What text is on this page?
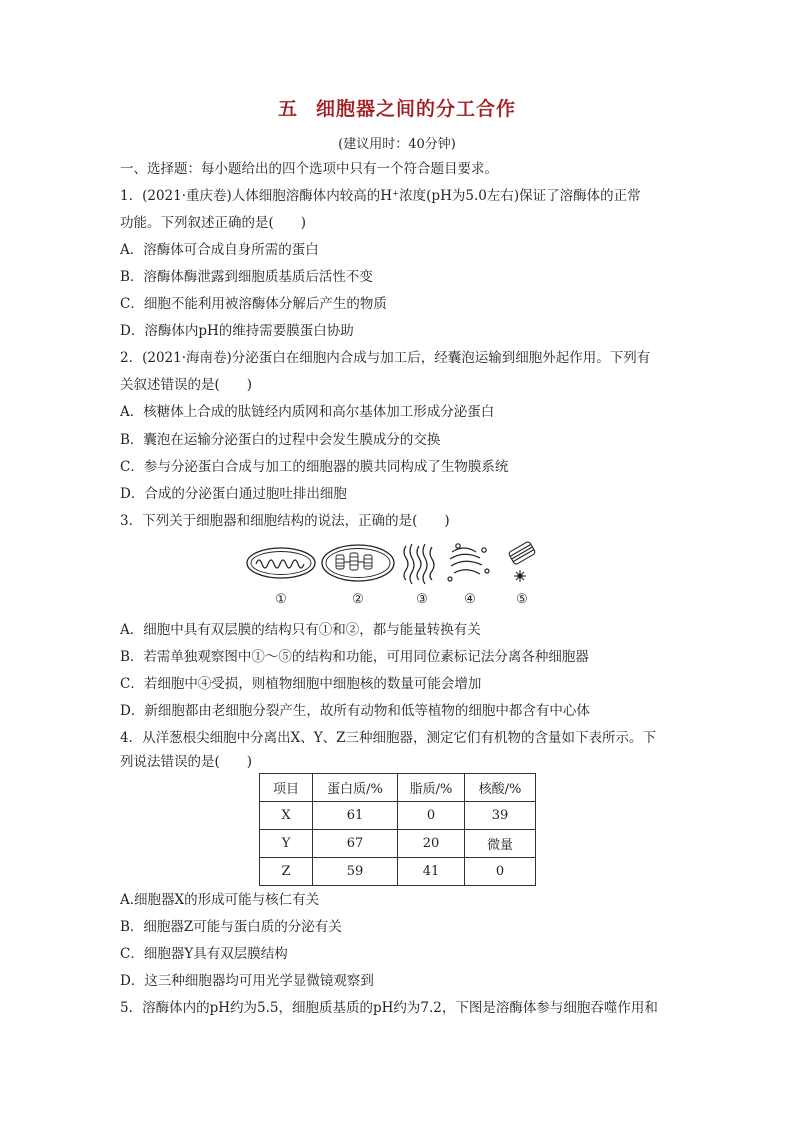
五 细胞器之间的分工合作
(建议用时：40分钟)
一、选择题：每小题给出的四个选项中只有一个符合题目要求。
1．(2021·重庆卷)人体细胞溶酶体内较高的H⁺浓度(pH为5.0左右)保证了溶酶体的正常
功能。下列叙述正确的是(　　)
A．溶酶体可合成自身所需的蛋白
B．溶酶体酶泄露到细胞质基质后活性不变
C．细胞不能利用被溶酶体分解后产生的物质
D．溶酶体内pH的维持需要膜蛋白协助
2．(2021·海南卷)分泌蛋白在细胞内合成与加工后，经囊泡运输到细胞外起作用。下列有
关叙述错误的是(　　)
A．核糖体上合成的肽链经内质网和高尔基体加工形成分泌蛋白
B．囊泡在运输分泌蛋白的过程中会发生膜成分的交换
C．参与分泌蛋白合成与加工的细胞器的膜共同构成了生物膜系统
D．合成的分泌蛋白通过胞吐排出细胞
3．下列关于细胞器和细胞结构的说法，正确的是(　　)
①	②	③	④	⑤
A．细胞中具有双层膜的结构只有①和②，都与能量转换有关
B．若需单独观察图中①～⑤的结构和功能，可用同位素标记法分离各种细胞器
C．若细胞中④受损，则植物细胞中细胞核的数量可能会增加
D．新细胞都由老细胞分裂产生，故所有动物和低等植物的细胞中都含有中心体
4．从洋葱根尖细胞中分离出X、Y、Z三种细胞器，测定它们有机物的含量如下表所示。下
列说法错误的是(　　)
项目	蛋白质/%	脂质/%	核酸/%
X	61	0	39
Y	67	20	微量
Z	59	41	0
A.细胞器X的形成可能与核仁有关
B．细胞器Z可能与蛋白质的分泌有关
C．细胞器Y具有双层膜结构
D．这三种细胞器均可用光学显微镜观察到
5．溶酶体内的pH约为5.5，细胞质基质的pH约为7.2，下图是溶酶体参与细胞吞噬作用和
